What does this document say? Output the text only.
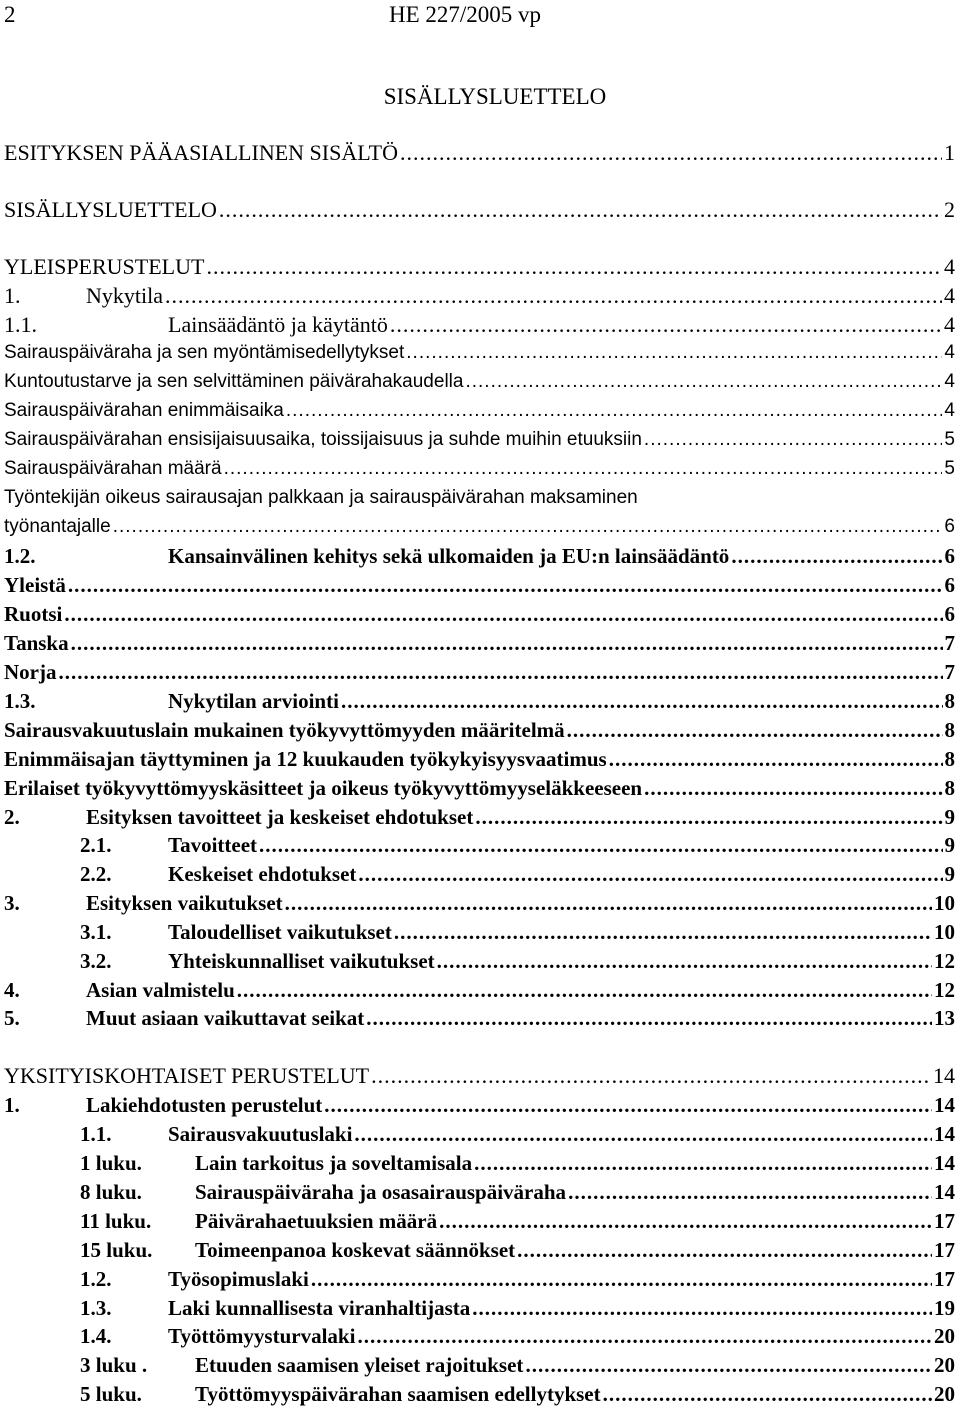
2	HE 227/2005 vp
SISÄLLYSLUETTELO
ESITYKSEN PÄÄASIALLINEN SISÄLTÖ .....	1
SISÄLLYSLUETTELO .....	2
YLEISPERUSTELUT .....	4
1.	Nykytila .....	4
1.1.	Lainsäädäntö ja käytäntö .....	4
Sairauspäiväraha ja sen myöntämisedellytykset .....	4
Kuntoutustarve ja sen selvittäminen päivärahakaudella .....	4
Sairauspäivärahan enimmäisaika .....	4
Sairauspäivärahan ensisijaisuusaika, toissijaisuus ja suhde muihin etuuksiin .....	5
Sairauspäivärahan määrä .....	5
Työntekijän oikeus sairausajan palkkaan ja sairauspäivärahan maksaminen
työnantajalle .....	6
1.2.	Kansainvälinen kehitys sekä ulkomaiden ja EU:n lainsäädäntö .....	6
Yleistä .....	6
Ruotsi .....	6
Tanska .....	7
Norja .....	7
1.3.	Nykytilan arviointi .....	8
Sairausvakuutuslain mukainen työkyvyttömyyden määritelmä .....	8
Enimmäisajan täyttyminen ja 12 kuukauden työkykyisyysvaatimus .....	8
Erilaiset työkyvyttömyyskäsitteet ja oikeus työkyvyttömyyseläkkeeseen .....	8
2.	Esityksen tavoitteet ja keskeiset ehdotukset .....	9
2.1.	Tavoitteet .....	9
2.2.	Keskeiset ehdotukset .....	9
3.	Esityksen vaikutukset .....	10
3.1.	Taloudelliset vaikutukset .....	10
3.2.	Yhteiskunnalliset vaikutukset .....	12
4.	Asian valmistelu .....	12
5.	Muut asiaan vaikuttavat seikat .....	13
YKSITYISKOHTAISET PERUSTELUT .....	14
1.	Lakiehdotusten perustelut .....	14
1.1.	Sairausvakuutuslaki .....	14
1 luku.	Lain tarkoitus ja soveltamisala .....	14
8 luku.	Sairauspäiväraha ja osasairauspäiväraha .....	14
11 luku.	Päivärahaetuuksien määrä .....	17
15 luku.	Toimeenpanoa koskevat säännökset .....	17
1.2.	Työsopimuslaki .....	17
1.3.	Laki kunnallisesta viranhaltijasta .....	19
1.4.	Työttömyysturvalaki .....	20
3 luku .	Etuuden saamisen yleiset rajoitukset .....	20
5 luku.	Työttömyyspäivärahan saamisen edellytykset .....	20
